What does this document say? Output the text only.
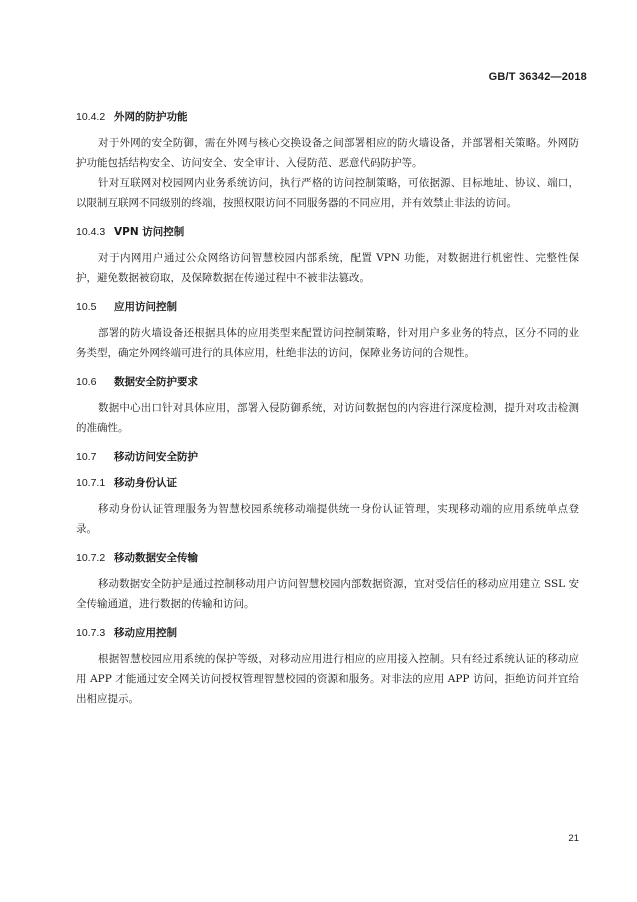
GB/T 36342—2018

10.4.2 外网的防护功能

对于外网的安全防御，需在外网与核心交换设备之间部署相应的防火墙设备，并部署相关策略。外网防护功能包括结构安全、访问安全、安全审计、入侵防范、恶意代码防护等。

针对互联网对校园网内业务系统访问，执行严格的访问控制策略，可依据源、目标地址、协议、端口，以限制互联网不同级别的终端，按照权限访问不同服务器的不同应用，并有效禁止非法的访问。

10.4.3 VPN 访问控制

对于内网用户通过公众网络访问智慧校园内部系统，配置 VPN 功能，对数据进行机密性、完整性保护，避免数据被窃取，及保障数据在传递过程中不被非法篡改。

10.5 应用访问控制

部署的防火墙设备还根据具体的应用类型来配置访问控制策略，针对用户多业务的特点，区分不同的业务类型，确定外网终端可进行的具体应用，杜绝非法的访问，保障业务访问的合规性。

10.6 数据安全防护要求

数据中心出口针对具体应用，部署入侵防御系统，对访问数据包的内容进行深度检测，提升对攻击检测的准确性。

10.7 移动访问安全防护

10.7.1 移动身份认证

移动身份认证管理服务为智慧校园系统移动端提供统一身份认证管理，实现移动端的应用系统单点登录。

10.7.2 移动数据安全传输

移动数据安全防护是通过控制移动用户访问智慧校园内部数据资源，宜对受信任的移动应用建立 SSL 安全传输通道，进行数据的传输和访问。

10.7.3 移动应用控制

根据智慧校园应用系统的保护等级，对移动应用进行相应的应用接入控制。只有经过系统认证的移动应用 APP 才能通过安全网关访问授权管理智慧校园的资源和服务。对非法的应用 APP 访问，拒绝访问并宜给出相应提示。

21
